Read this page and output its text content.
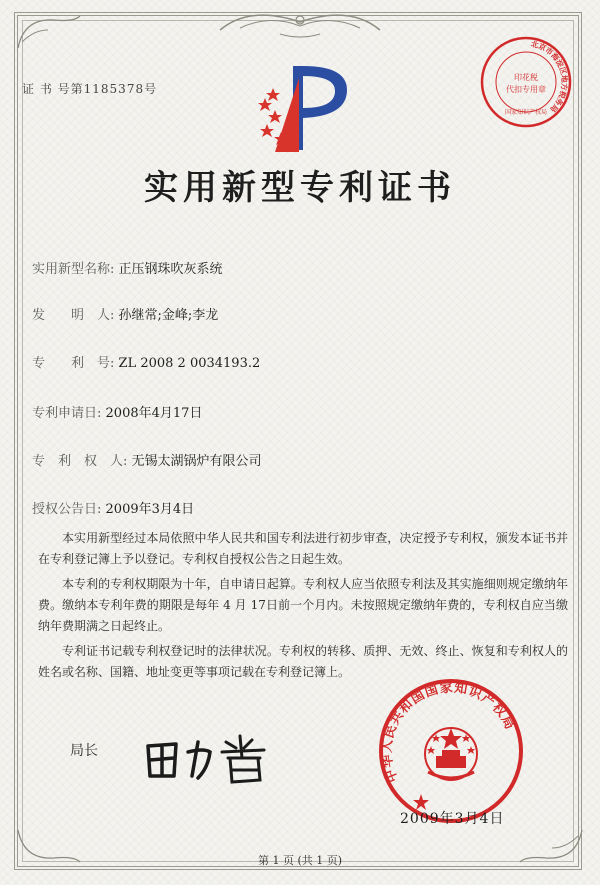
证 书 号第1185378号
北京市海淀区地方税务局
印花税
代扣专用章
国家知识产权局
实用新型专利证书
实用新型名称: 正压钢珠吹灰系统
发　　明　人: 孙继常;金峰;李龙
专　　利　号: ZL 2008 2 0034193.2
专利申请日: 2008年4月17日
专　利　权　人: 无锡太湖锅炉有限公司
授权公告日: 2009年3月4日

本实用新型经过本局依照中华人民共和国专利法进行初步审查，决定授予专利权，颁发本证书并在专利登记簿上予以登记。专利权自授权公告之日起生效。

本专利的专利权期限为十年，自申请日起算。专利权人应当依照专利法及其实施细则规定缴纳年费。缴纳本专利年费的期限是每年 4 月 17日前一个月内。未按照规定缴纳年费的，专利权自应当缴纳年费期满之日起终止。

专利证书记载专利权登记时的法律状况。专利权的转移、质押、无效、终止、恢复和专利权人的姓名或名称、国籍、地址变更等事项记载在专利登记簿上。

局长
中华人民共和国国家知识产权局
2009年3月4日
第 1 页 (共 1 页)
